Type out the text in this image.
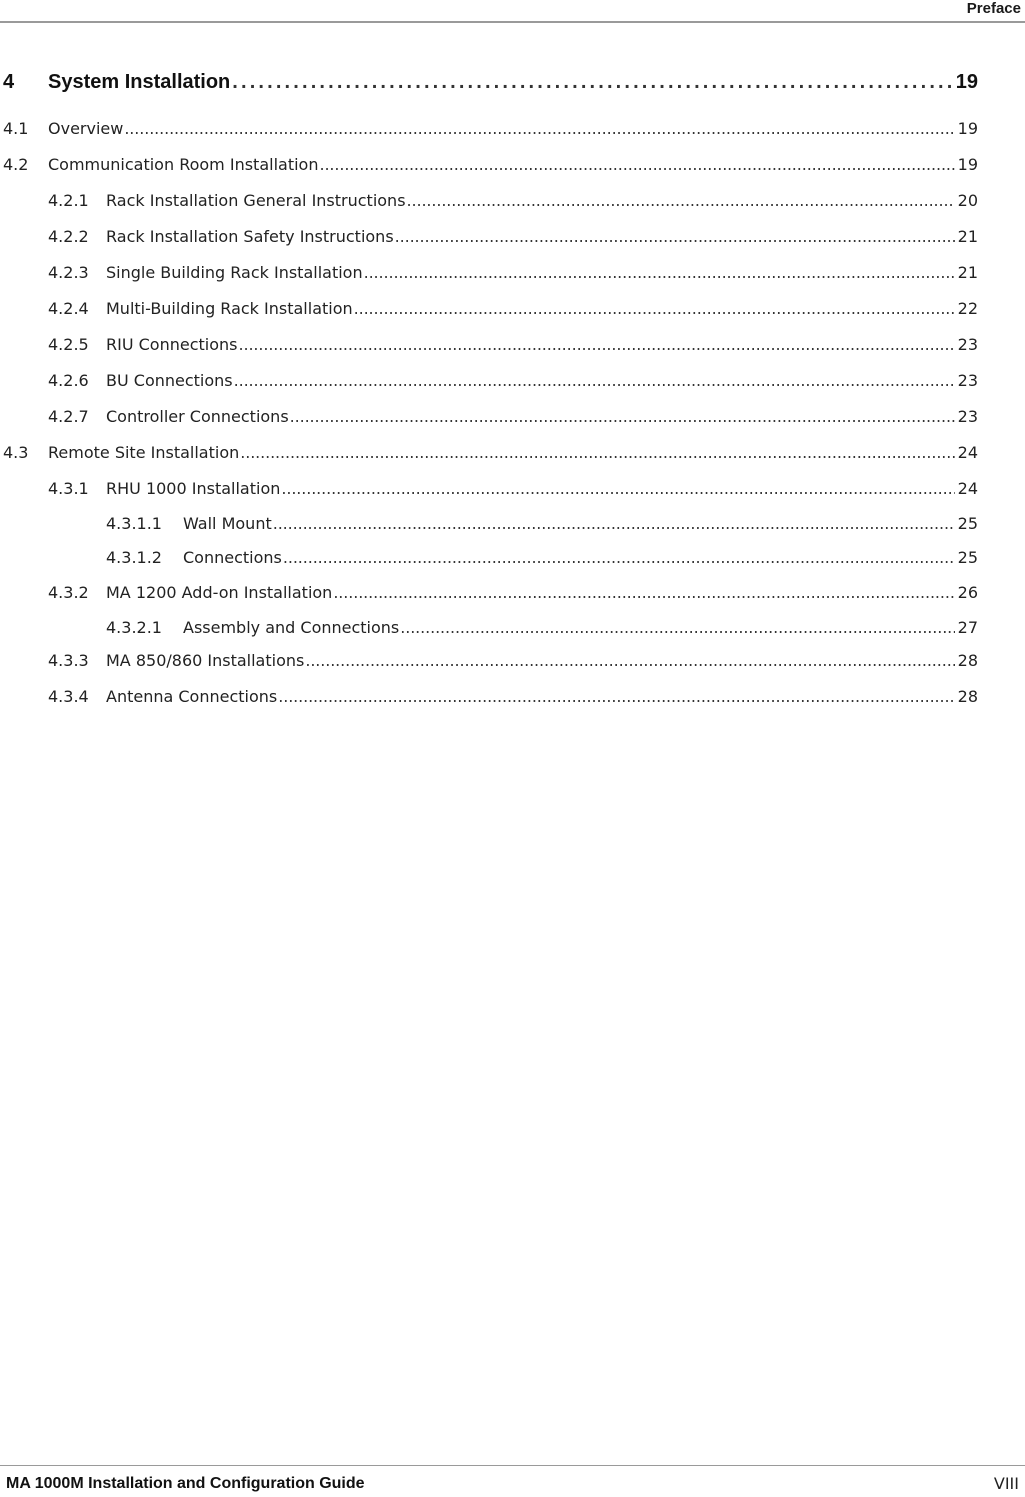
Preface
4	System Installation . . .	19
4.1	Overview . . .	19
4.2	Communication Room Installation . . .	19
4.2.1	Rack Installation General Instructions . . .	20
4.2.2	Rack Installation Safety Instructions . . .	21
4.2.3	Single Building Rack Installation . . .	21
4.2.4	Multi-Building Rack Installation . . .	22
4.2.5	RIU Connections . . .	23
4.2.6	BU Connections . . .	23
4.2.7	Controller Connections . . .	23
4.3	Remote Site Installation . . .	24
4.3.1	RHU 1000 Installation . . .	24
4.3.1.1	Wall Mount . . .	25
4.3.1.2	Connections . . .	25
4.3.2	MA 1200 Add-on Installation . . .	26
4.3.2.1	Assembly and Connections . . .	27
4.3.3	MA 850/860 Installations . . .	28
4.3.4	Antenna Connections . . .	28
MA 1000M Installation and Configuration Guide	VIII
